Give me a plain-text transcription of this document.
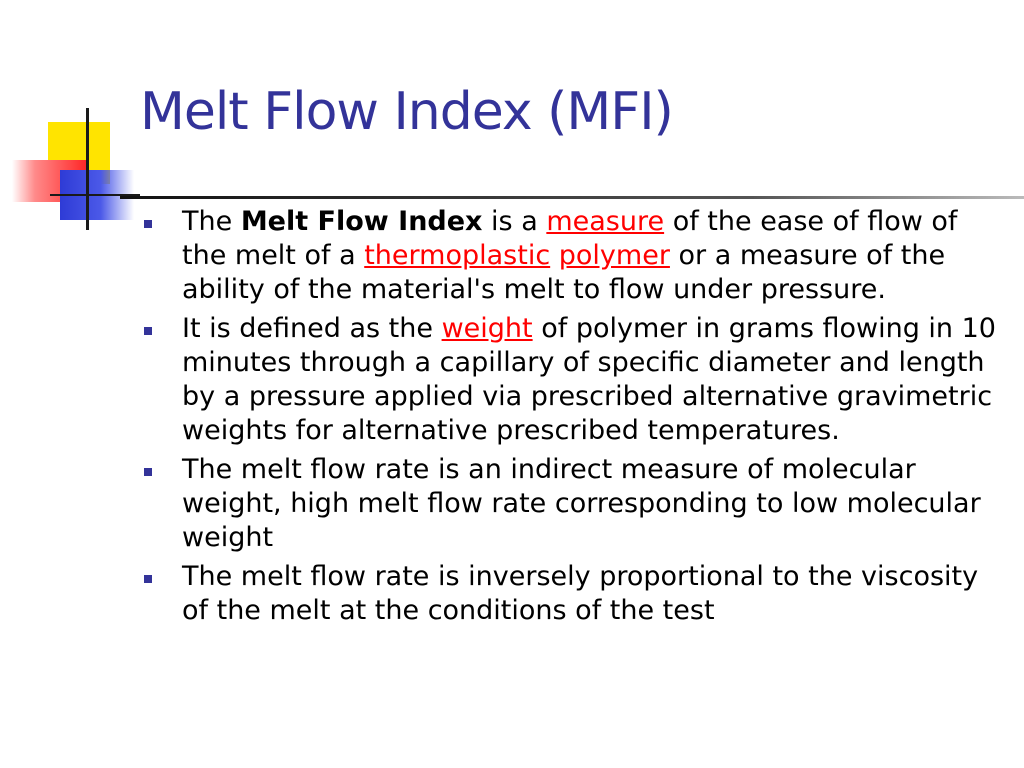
Melt Flow Index (MFI)
The Melt Flow Index is a measure of the ease of flow of the melt of a thermoplastic polymer or a measure of the ability of the material's melt to flow under pressure.
It is defined as the weight of polymer in grams flowing in 10 minutes through a capillary of specific diameter and length by a pressure applied via prescribed alternative gravimetric weights for alternative prescribed temperatures.
The melt flow rate is an indirect measure of molecular weight, high melt flow rate corresponding to low molecular weight
The melt flow rate is inversely proportional to the viscosity of the melt at the conditions of the test
